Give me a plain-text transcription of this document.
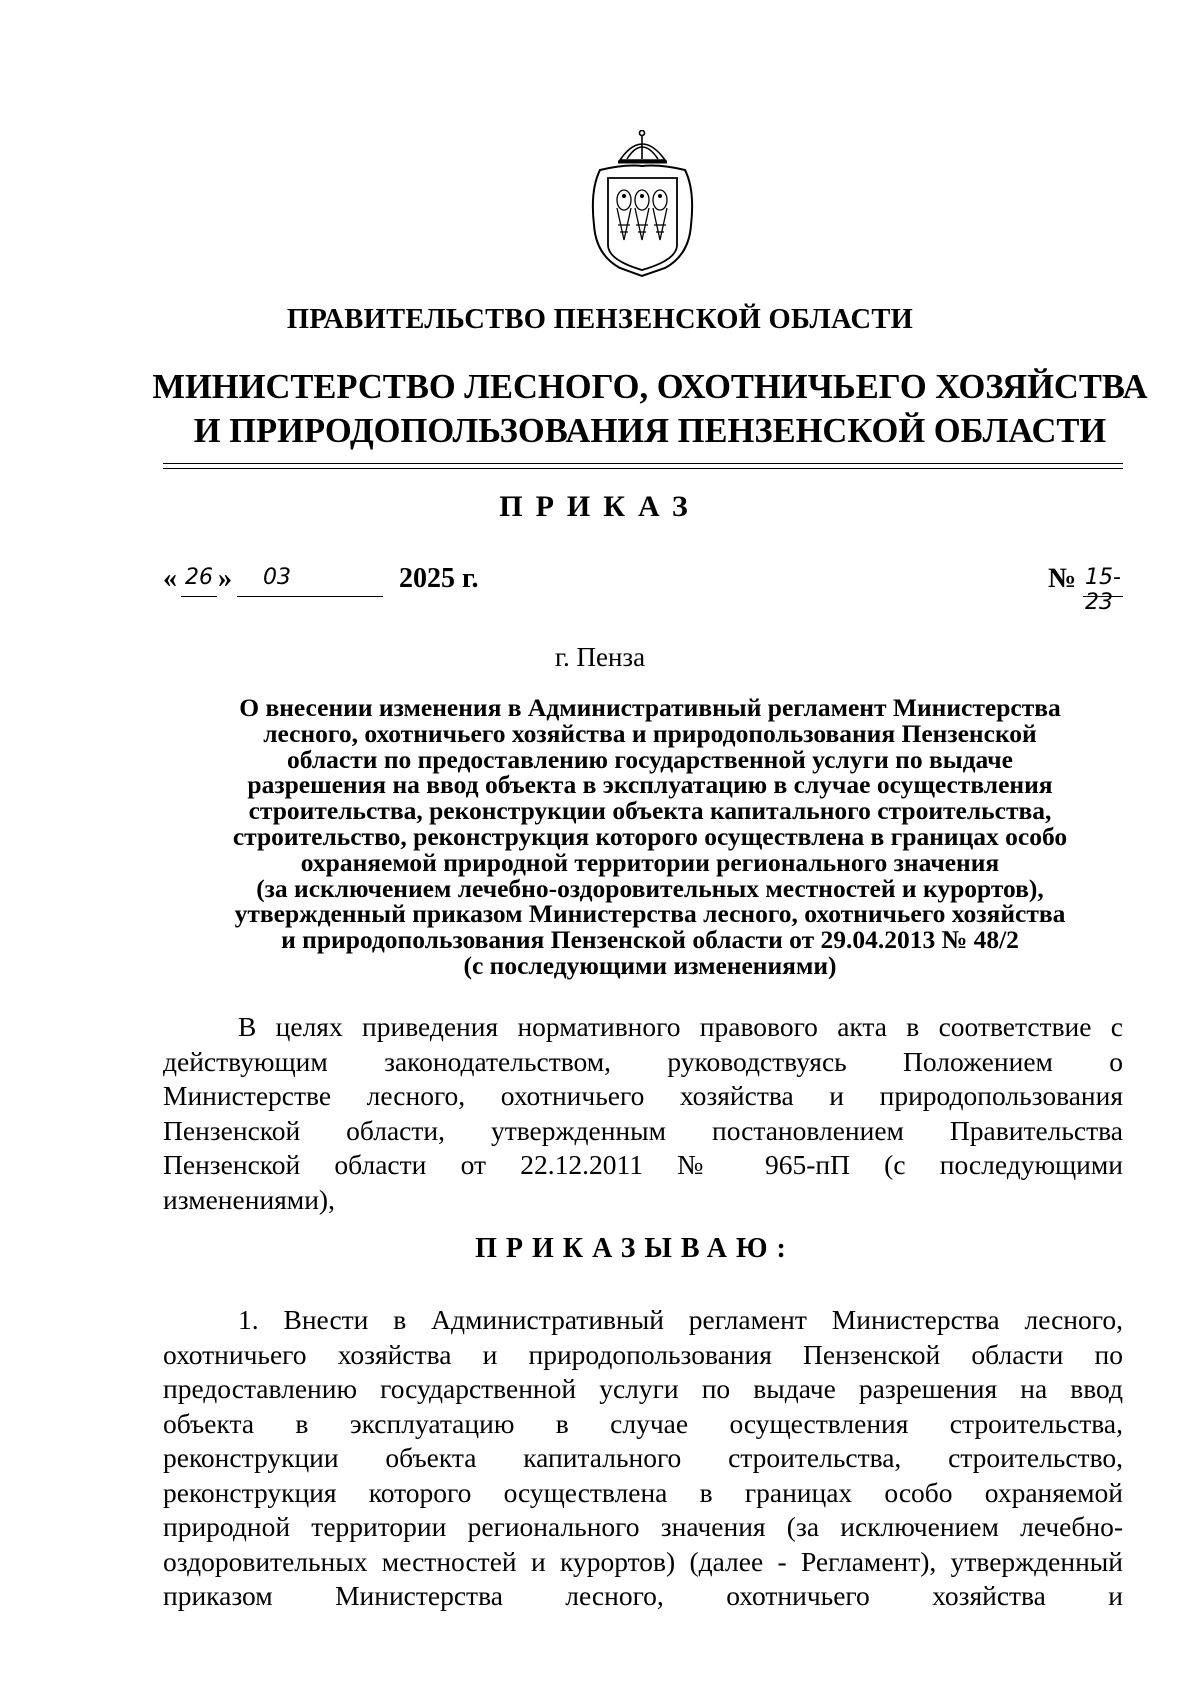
ПРАВИТЕЛЬСТВО ПЕНЗЕНСКОЙ ОБЛАСТИ
МИНИСТЕРСТВО ЛЕСНОГО, ОХОТНИЧЬЕГО ХОЗЯЙСТВА
И ПРИРОДОПОЛЬЗОВАНИЯ ПЕНЗЕНСКОЙ ОБЛАСТИ
ПРИКАЗ
« 26 » 03	2025 г.	№ 15-23
г. Пенза
О внесении изменения в Административный регламент Министерства
лесного, охотничьего хозяйства и природопользования Пензенской
области по предоставлению государственной услуги по выдаче
разрешения на ввод объекта в эксплуатацию в случае осуществления
строительства, реконструкции объекта капитального строительства,
строительство, реконструкция которого осуществлена в границах особо
охраняемой природной территории регионального значения
(за исключением лечебно-оздоровительных местностей и курортов),
утвержденный приказом Министерства лесного, охотничьего хозяйства
и природопользования Пензенской области от 29.04.2013 № 48/2
(с последующими изменениями)
В целях приведения нормативного правового акта в соответствие с
действующим законодательством, руководствуясь Положением о
Министерстве лесного, охотничьего хозяйства и природопользования
Пензенской области, утвержденным постановлением Правительства
Пензенской области от 22.12.2011 № 965-пП (с последующими
изменениями),
ПРИКАЗЫВАЮ:
1. Внести в Административный регламент Министерства лесного,
охотничьего хозяйства и природопользования Пензенской области по
предоставлению государственной услуги по выдаче разрешения на ввод
объекта в эксплуатацию в случае осуществления строительства,
реконструкции объекта капитального строительства, строительство,
реконструкция которого осуществлена в границах особо охраняемой
природной территории регионального значения (за исключением лечебно-
оздоровительных местностей и курортов) (далее - Регламент), утвержденный
приказом Министерства лесного, охотничьего хозяйства и
